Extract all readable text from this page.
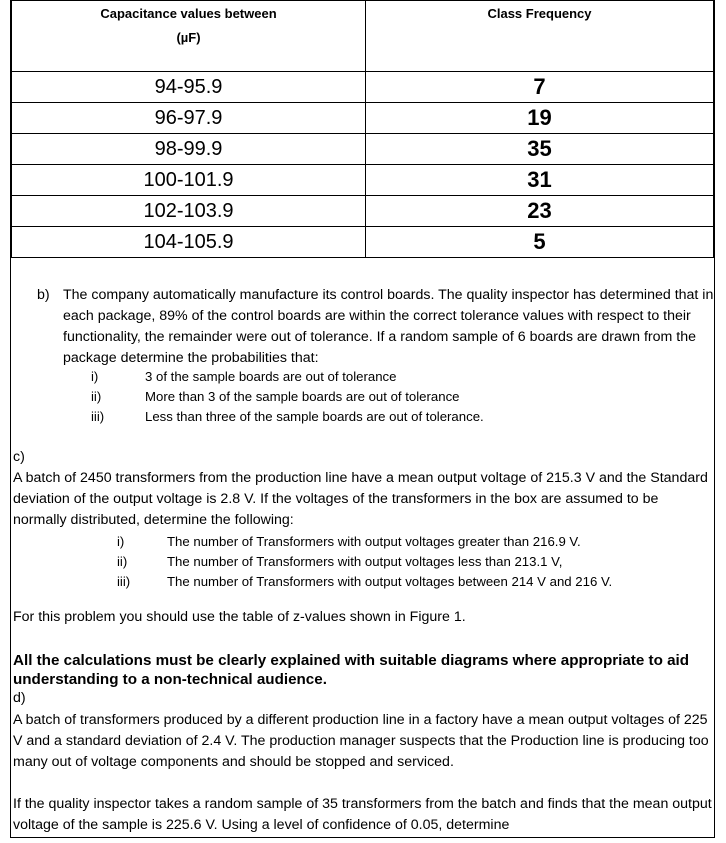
Capacitance values between
(µF)	Class Frequency

94-95.9	7
96-97.9	19
98-99.9	35
100-101.9	31
102-103.9	23
104-105.9	5
b) The company automatically manufacture its control boards. The quality inspector has determined that in each package, 89% of the control boards are within the correct tolerance values with respect to their functionality, the remainder were out of tolerance. If a random sample of 6 boards are drawn from the package determine the probabilities that:
i)	3 of the sample boards are out of tolerance
ii)	More than 3 of the sample boards are out of tolerance
iii)	Less than three of the sample boards are out of tolerance.
c)
A batch of 2450 transformers from the production line have a mean output voltage of 215.3 V and the Standard deviation of the output voltage is 2.8 V. If the voltages of the transformers in the box are assumed to be normally distributed, determine the following:
i)	The number of Transformers with output voltages greater than 216.9 V.
ii)	The number of Transformers with output voltages less than 213.1 V,
iii)	The number of Transformers with output voltages between 214 V and 216 V.
For this problem you should use the table of z-values shown in Figure 1.
All the calculations must be clearly explained with suitable diagrams where appropriate to aid understanding to a non-technical audience.
d)
A batch of transformers produced by a different production line in a factory have a mean output voltages of 225 V and a standard deviation of 2.4 V. The production manager suspects that the Production line is producing too many out of voltage components and should be stopped and serviced.
If the quality inspector takes a random sample of 35 transformers from the batch and finds that the mean output voltage of the sample is 225.6 V. Using a level of confidence of 0.05, determine
